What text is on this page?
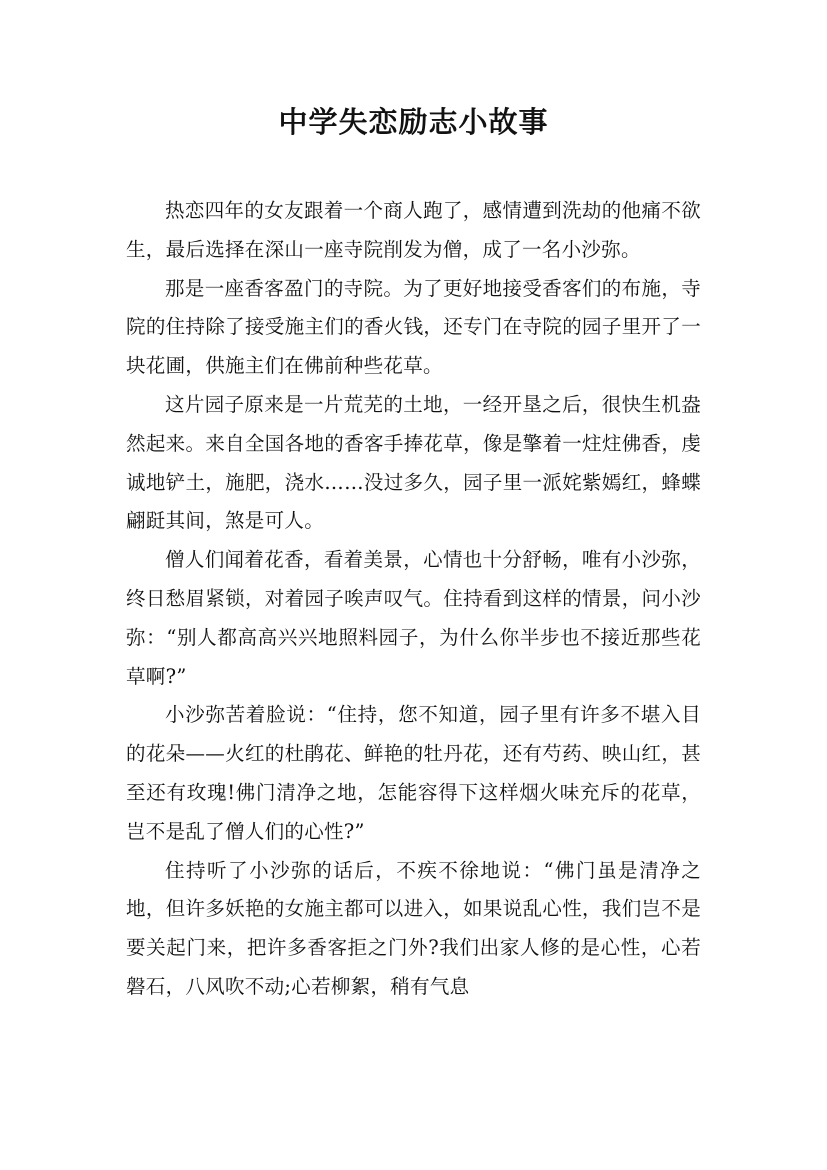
中学失恋励志小故事

热恋四年的女友跟着一个商人跑了，感情遭到洗劫的他痛不欲生，最后选择在深山一座寺院削发为僧，成了一名小沙弥。

那是一座香客盈门的寺院。为了更好地接受香客们的布施，寺院的住持除了接受施主们的香火钱，还专门在寺院的园子里开了一块花圃，供施主们在佛前种些花草。

这片园子原来是一片荒芜的土地，一经开垦之后，很快生机盎然起来。来自全国各地的香客手捧花草，像是擎着一炷炷佛香，虔诚地铲土，施肥，浇水……没过多久，园子里一派姹紫嫣红，蜂蝶翩跹其间，煞是可人。

僧人们闻着花香，看着美景，心情也十分舒畅，唯有小沙弥，终日愁眉紧锁，对着园子唉声叹气。住持看到这样的情景，问小沙弥：“别人都高高兴兴地照料园子，为什么你半步也不接近那些花草啊?”

小沙弥苦着脸说：“住持，您不知道，园子里有许多不堪入目的花朵——火红的杜鹃花、鲜艳的牡丹花，还有芍药、映山红，甚至还有玫瑰!佛门清净之地，怎能容得下这样烟火味充斥的花草，岂不是乱了僧人们的心性?”

住持听了小沙弥的话后，不疾不徐地说：“佛门虽是清净之地，但许多妖艳的女施主都可以进入，如果说乱心性，我们岂不是要关起门来，把许多香客拒之门外?我们出家人修的是心性，心若磐石，八风吹不动;心若柳絮，稍有气息
